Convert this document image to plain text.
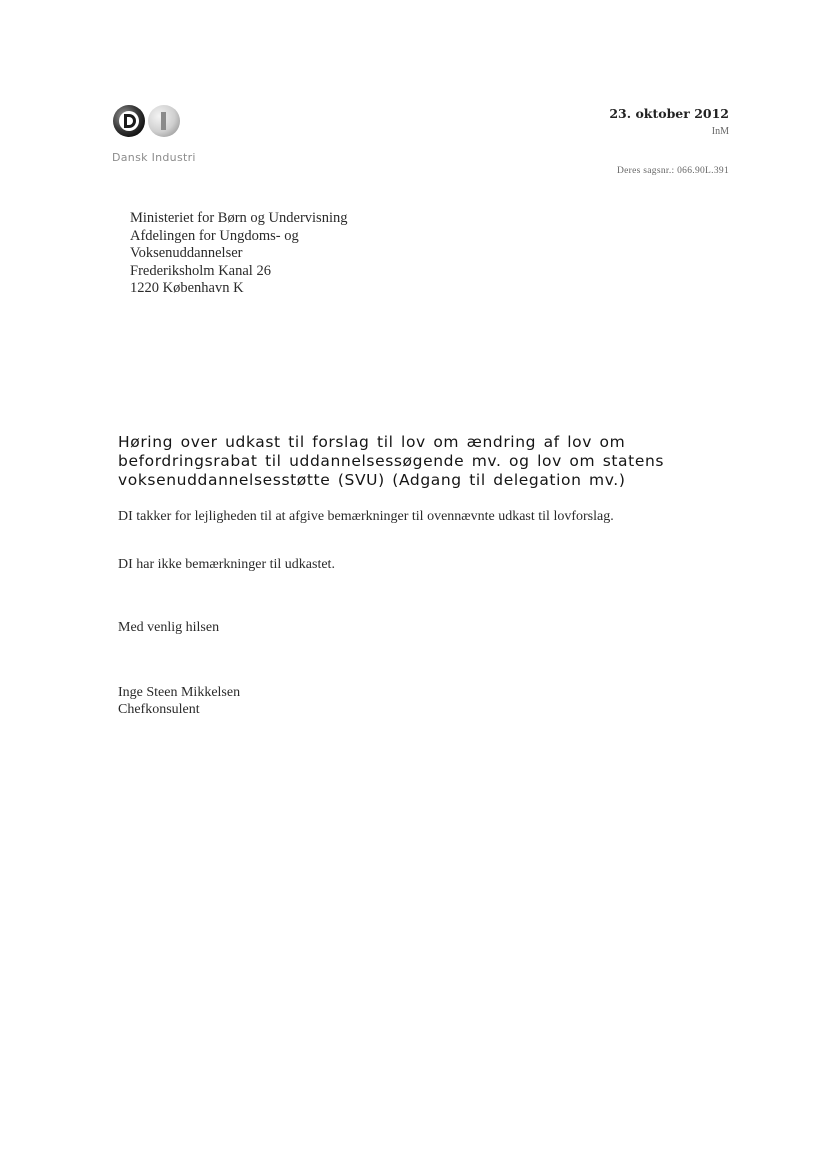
Dansk Industri
23. oktober 2012
InM
Deres sagsnr.: 066.90L.391
Ministeriet for Børn og Undervisning
Afdelingen for Ungdoms- og
Voksenuddannelser
Frederiksholm Kanal 26
1220 København K
Høring over udkast til forslag til lov om ændring af lov om befordringsrabat til uddannelsessøgende mv. og lov om statens voksenuddannelsesstøtte (SVU) (Adgang til delegation mv.)
DI takker for lejligheden til at afgive bemærkninger til ovennævnte udkast til lovforslag.
DI har ikke bemærkninger til udkastet.
Med venlig hilsen
Inge Steen Mikkelsen
Chefkonsulent
